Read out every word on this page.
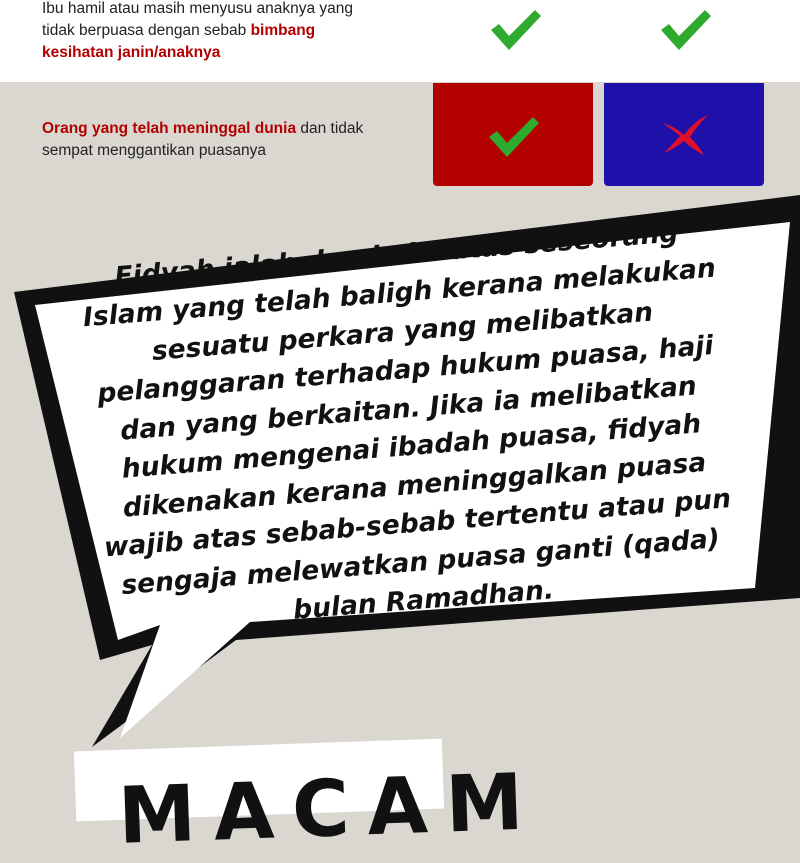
Ibu hamil atau masih menyusu anaknya yang tidak berpuasa dengan sebab bimbang kesihatan janin/anaknya
Orang yang telah meninggal dunia dan tidak sempat menggantikan puasanya
Fidyah ialah denda ke atas seseorang Islam yang telah baligh kerana melakukan sesuatu perkara yang melibatkan pelanggaran terhadap hukum puasa, haji dan yang berkaitan. Jika ia melibatkan hukum mengenai ibadah puasa, fidyah dikenakan kerana meninggalkan puasa wajib atas sebab-sebab tertentu atau pun sengaja melewatkan puasa ganti (qada) bulan Ramadhan.
MACAM
